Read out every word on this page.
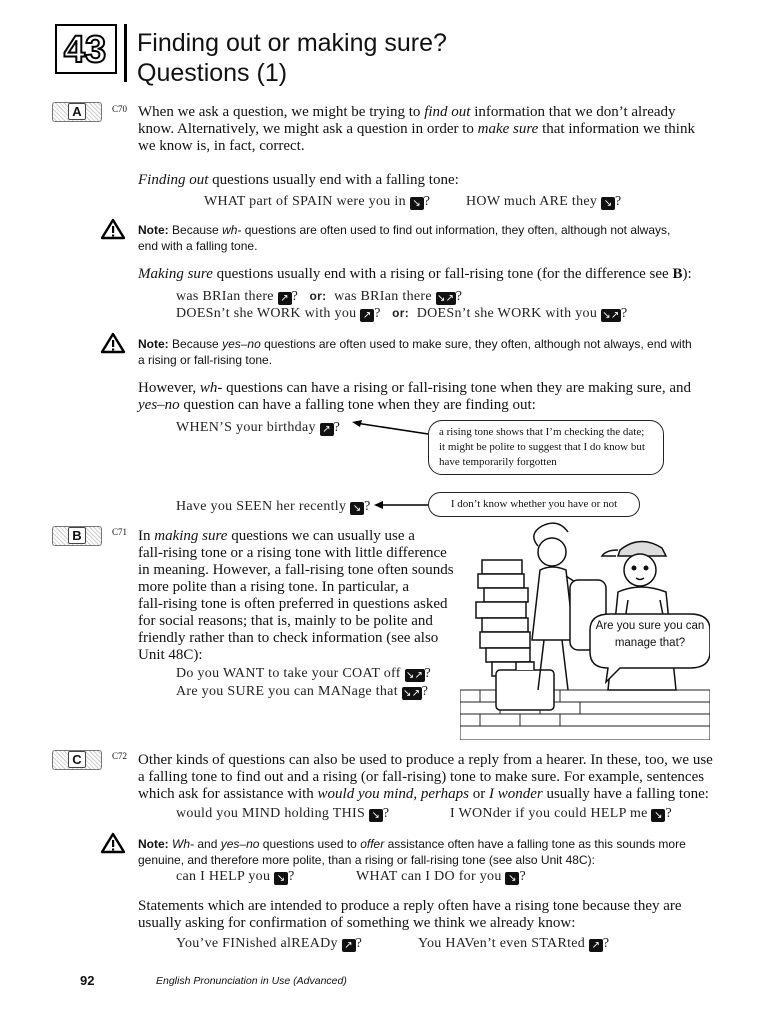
43	Finding out or making sure?
Questions (1)
A	C70 When we ask a question, we might be trying to find out information that we don’t already
know. Alternatively, we might ask a question in order to make sure that information we think
we know is, in fact, correct.
Finding out questions usually end with a falling tone:
WHAT part of SPAIN were you in ↘ ?	HOW much ARE they ↘ ?
Note: Because wh- questions are often used to find out information, they often, although not always,
end with a falling tone.
Making sure questions usually end with a rising or fall-rising tone (for the difference see B):
was BRIan there ↗ ? or: was BRIan there ↘↗?
DOESn’t she WORK with you ↗ ? or: DOESn’t she WORK with you ↘↗?
Note: Because yes–no questions are often used to make sure, they often, although not always, end with
a rising or fall-rising tone.
However, wh- questions can have a rising or fall-rising tone when they are making sure, and
yes–no question can have a falling tone when they are finding out:
WHEN’S your birthday ↗ ?	a rising tone shows that I’m checking the date; it might be polite to suggest that I do know but have temporarily forgotten
Have you SEEN her recently ↘ ?	I don’t know whether you have or not
B	C71 In making sure questions we can usually use a
fall-rising tone or a rising tone with little difference
in meaning. However, a fall-rising tone often sounds
more polite than a rising tone. In particular, a
fall-rising tone is often preferred in questions asked
for social reasons; that is, mainly to be polite and
friendly rather than to check information (see also
Unit 48C):
Do you WANT to take your COAT off ↘↗?
Are you SURE you can MANage that ↘↗?
Are you sure you can manage that?
C	C72 Other kinds of questions can also be used to produce a reply from a hearer. In these, too, we use
a falling tone to find out and a rising (or fall-rising) tone to make sure. For example, sentences
which ask for assistance with would you mind, perhaps or I wonder usually have a falling tone:
would you MIND holding THIS ↘ ?	I WONder if you could HELP me ↘ ?
Note: Wh- and yes–no questions used to offer assistance often have a falling tone as this sounds more
genuine, and therefore more polite, than a rising or fall-rising tone (see also Unit 48C):
can I HELP you ↘ ?	WHAT can I DO for you ↘ ?
Statements which are intended to produce a reply often have a rising tone because they are
usually asking for confirmation of something we think we already know:
You’ve FINished alREADy ↗ ?	You HAVen’t even STARted ↗ ?
92	English Pronunciation in Use (Advanced)
